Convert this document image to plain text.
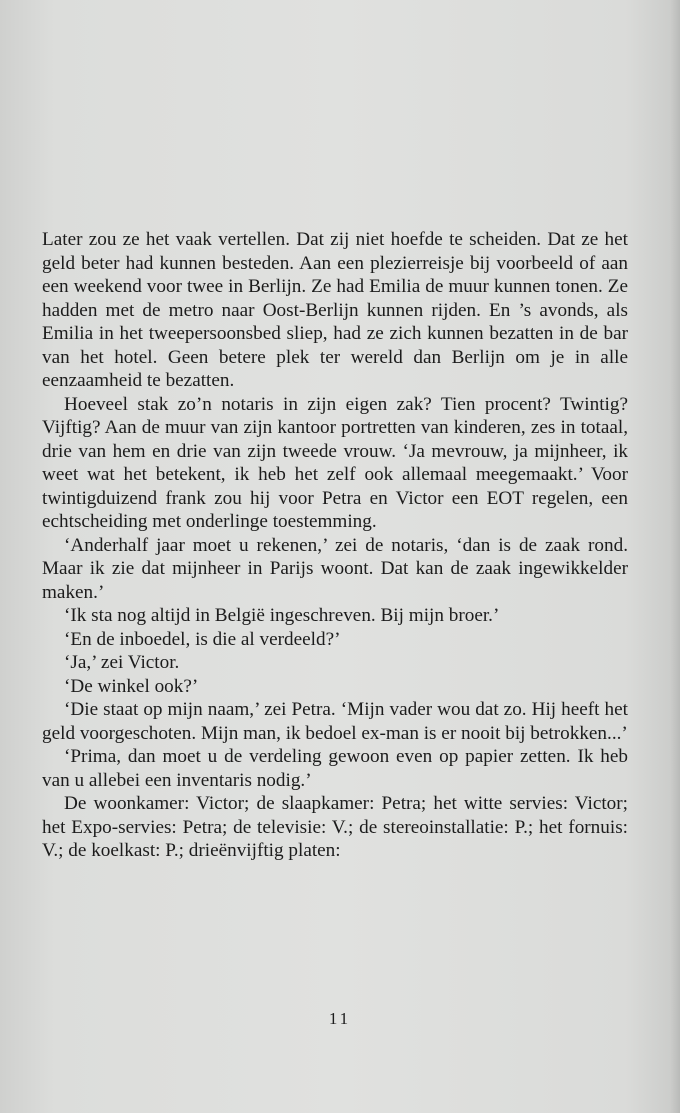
Later zou ze het vaak vertellen. Dat zij niet hoefde te scheiden. Dat ze het geld beter had kunnen besteden. Aan een plezierreisje bij voorbeeld of aan een weekend voor twee in Berlijn. Ze had Emilia de muur kunnen tonen. Ze hadden met de metro naar Oost-Berlijn kunnen rijden. En ’s avonds, als Emilia in het tweepersoonsbed sliep, had ze zich kunnen bezatten in de bar van het hotel. Geen betere plek ter wereld dan Berlijn om je in alle eenzaamheid te bezatten.

Hoeveel stak zo’n notaris in zijn eigen zak? Tien procent? Twintig? Vijftig? Aan de muur van zijn kantoor portretten van kinderen, zes in totaal, drie van hem en drie van zijn tweede vrouw. ‘Ja mevrouw, ja mijnheer, ik weet wat het betekent, ik heb het zelf ook allemaal meegemaakt.’ Voor twintigduizend frank zou hij voor Petra en Victor een EOT regelen, een echtscheiding met onderlinge toestemming.

‘Anderhalf jaar moet u rekenen,’ zei de notaris, ‘dan is de zaak rond. Maar ik zie dat mijnheer in Parijs woont. Dat kan de zaak ingewikkelder maken.’

‘Ik sta nog altijd in België ingeschreven. Bij mijn broer.’

‘En de inboedel, is die al verdeeld?’

‘Ja,’ zei Victor.

‘De winkel ook?’

‘Die staat op mijn naam,’ zei Petra. ‘Mijn vader wou dat zo. Hij heeft het geld voorgeschoten. Mijn man, ik bedoel ex-man is er nooit bij betrokken...’

‘Prima, dan moet u de verdeling gewoon even op papier zetten. Ik heb van u allebei een inventaris nodig.’

De woonkamer: Victor; de slaapkamer: Petra; het witte servies: Victor; het Expo-servies: Petra; de televisie: V.; de stereoinstallatie: P.; het fornuis: V.; de koelkast: P.; drieënvijftig platen:

11
